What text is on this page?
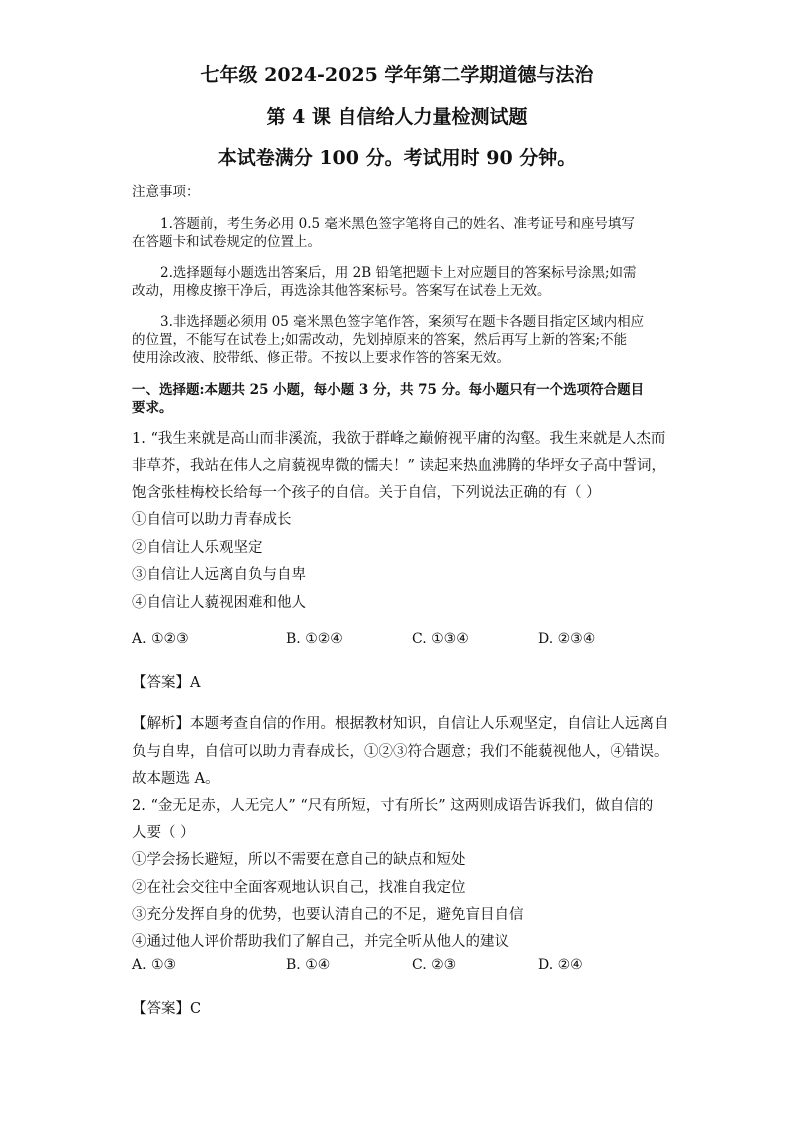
七年级 2024-2025 学年第二学期道德与法治
第 4 课 自信给人力量检测试题
本试卷满分 100 分。考试用时 90 分钟。
注意事项：
1.答题前，考生务必用 0.5 毫米黑色签字笔将自己的姓名、准考证号和座号填写
在答题卡和试卷规定的位置上。
2.选择题每小题选出答案后，用 2B 铅笔把题卡上对应题目的答案标号涂黑;如需
改动，用橡皮擦干净后，再选涂其他答案标号。答案写在试卷上无效。
3.非选择题必须用 05 毫米黑色签字笔作答，案须写在题卡各题目指定区域内相应
的位置，不能写在试卷上;如需改动，先划掉原来的答案，然后再写上新的答案;不能
使用涂改液、胶带纸、修正带。不按以上要求作答的答案无效。
一、选择题:本题共 25 小题，每小题 3 分，共 75 分。每小题只有一个选项符合题目
要求。
1. “我生来就是高山而非溪流，我欲于群峰之巅俯视平庸的沟壑。我生来就是人杰而
非草芥，我站在伟人之肩藐视卑微的懦夫！” 读起来热血沸腾的华坪女子高中誓词，
饱含张桂梅校长给每一个孩子的自信。关于自信，下列说法正确的有（ ）
①自信可以助力青春成长
②自信让人乐观坚定
③自信让人远离自负与自卑
④自信让人藐视困难和他人
A. ①②③	B. ①②④	C. ①③④	D. ②③④
【答案】A
【解析】本题考查自信的作用。根据教材知识，自信让人乐观坚定，自信让人远离自
负与自卑，自信可以助力青春成长，①②③符合题意；我们不能藐视他人，④错误。
故本题选 A。
2. “金无足赤，人无完人” “尺有所短，寸有所长” 这两则成语告诉我们，做自信的
人要（ ）
①学会扬长避短，所以不需要在意自己的缺点和短处
②在社会交往中全面客观地认识自己，找准自我定位
③充分发挥自身的优势，也要认清自己的不足，避免盲目自信
④通过他人评价帮助我们了解自己，并完全听从他人的建议
A. ①③	B. ①④	C. ②③	D. ②④
【答案】C
